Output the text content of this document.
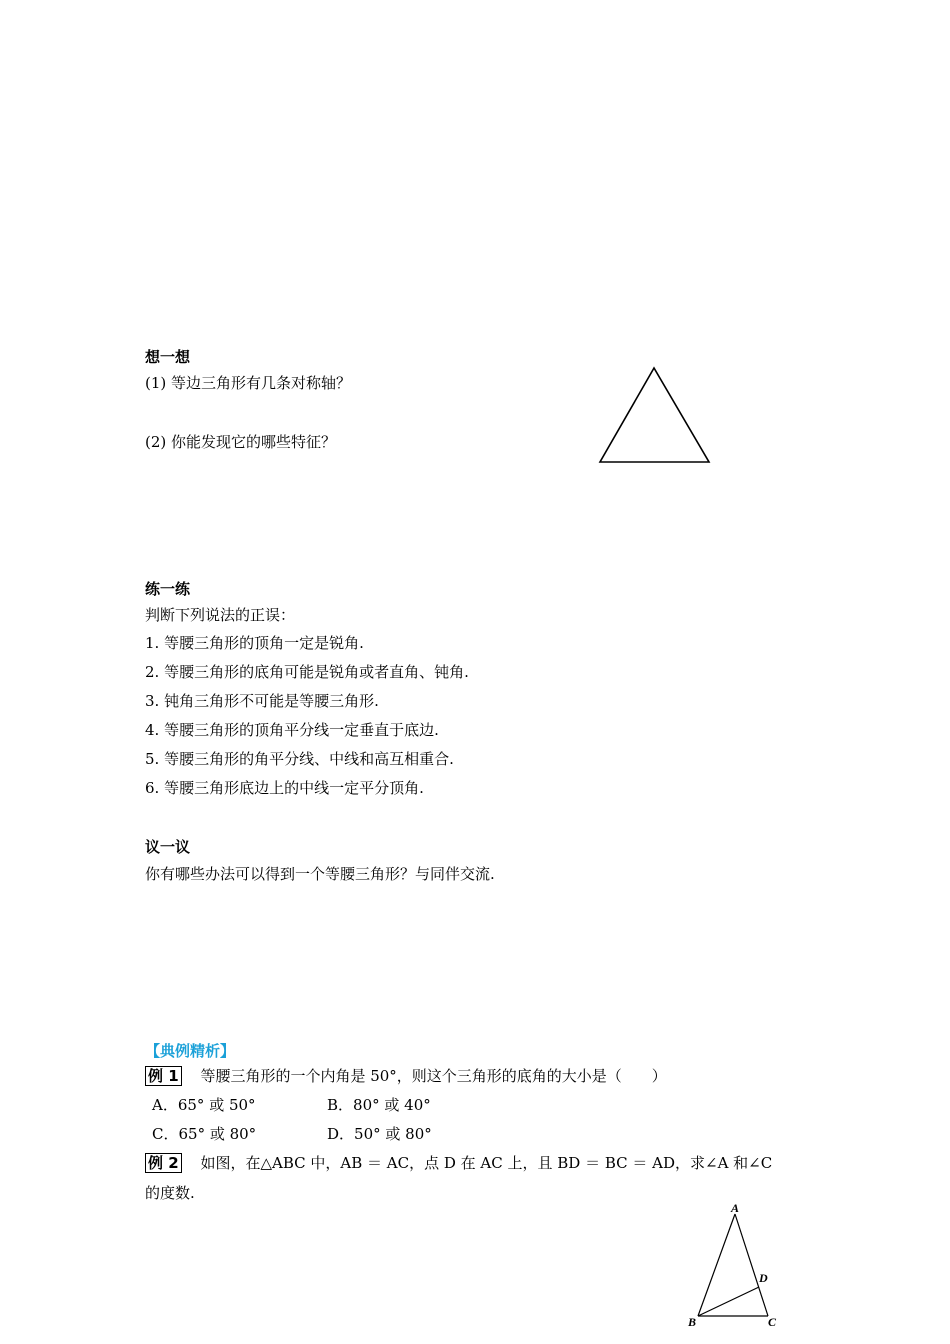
想一想
(1) 等边三角形有几条对称轴？
(2) 你能发现它的哪些特征？
练一练
判断下列说法的正误：
1. 等腰三角形的顶角一定是锐角.
2. 等腰三角形的底角可能是锐角或者直角、钝角.
3. 钝角三角形不可能是等腰三角形.
4. 等腰三角形的顶角平分线一定垂直于底边.
5. 等腰三角形的角平分线、中线和高互相重合.
6. 等腰三角形底边上的中线一定平分顶角.
议一议
你有哪些办法可以得到一个等腰三角形？与同伴交流.
【典例精析】
例 1 等腰三角形的一个内角是 50°，则这个三角形的底角的大小是（　　）
A．65° 或 50°	B．80° 或 40°
C．65° 或 80°	D．50° 或 80°
例 2 如图，在△ABC 中，AB ＝ AC，点 D 在 AC 上，且 BD ＝ BC ＝ AD，求∠A 和∠C
的度数.
A
D
B	C
